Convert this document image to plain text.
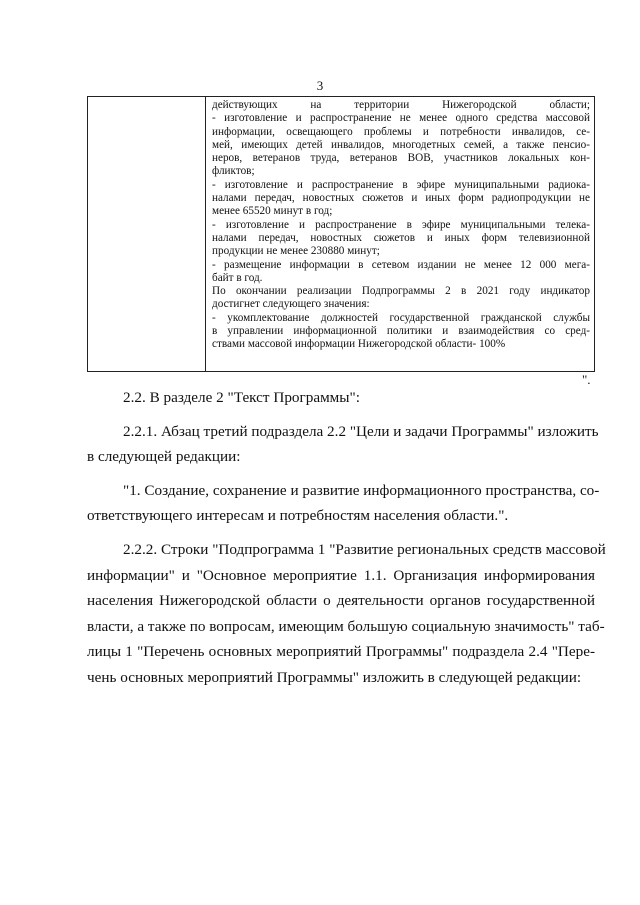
3
действующих на территории Нижегородской области;
- изготовление и распространение не менее одного средства массовой
информации, освещающего проблемы и потребности инвалидов, се-
мей, имеющих детей инвалидов, многодетных семей, а также пенсио-
неров, ветеранов труда, ветеранов ВОВ, участников локальных кон-
фликтов;
- изготовление и распространение в эфире муниципальными радиока-
налами передач, новостных сюжетов и иных форм радиопродукции не
менее 65520 минут в год;
- изготовление и распространение в эфире муниципальными телека-
налами передач, новостных сюжетов и иных форм телевизионной
продукции не менее 230880 минут;
- размещение информации в сетевом издании не менее 12 000 мега-
байт в год.
По окончании реализации Подпрограммы 2 в 2021 году индикатор
достигнет следующего значения:
- укомплектование должностей государственной гражданской службы
в управлении информационной политики и взаимодействия со сред-
ствами массовой информации Нижегородской области- 100%
".

2.2. В разделе 2 "Текст Программы":

2.2.1. Абзац третий подраздела 2.2 "Цели и задачи Программы" изложить
в следующей редакции:

"1. Создание, сохранение и развитие информационного пространства, со-
ответствующего интересам и потребностям населения области.".

2.2.2. Строки "Подпрограмма 1 "Развитие региональных средств массовой
информации" и "Основное мероприятие 1.1. Организация информирования
населения Нижегородской области о деятельности органов государственной
власти, а также по вопросам, имеющим большую социальную значимость" таб-
лицы 1 "Перечень основных мероприятий Программы" подраздела 2.4 "Пере-
чень основных мероприятий Программы" изложить в следующей редакции:
